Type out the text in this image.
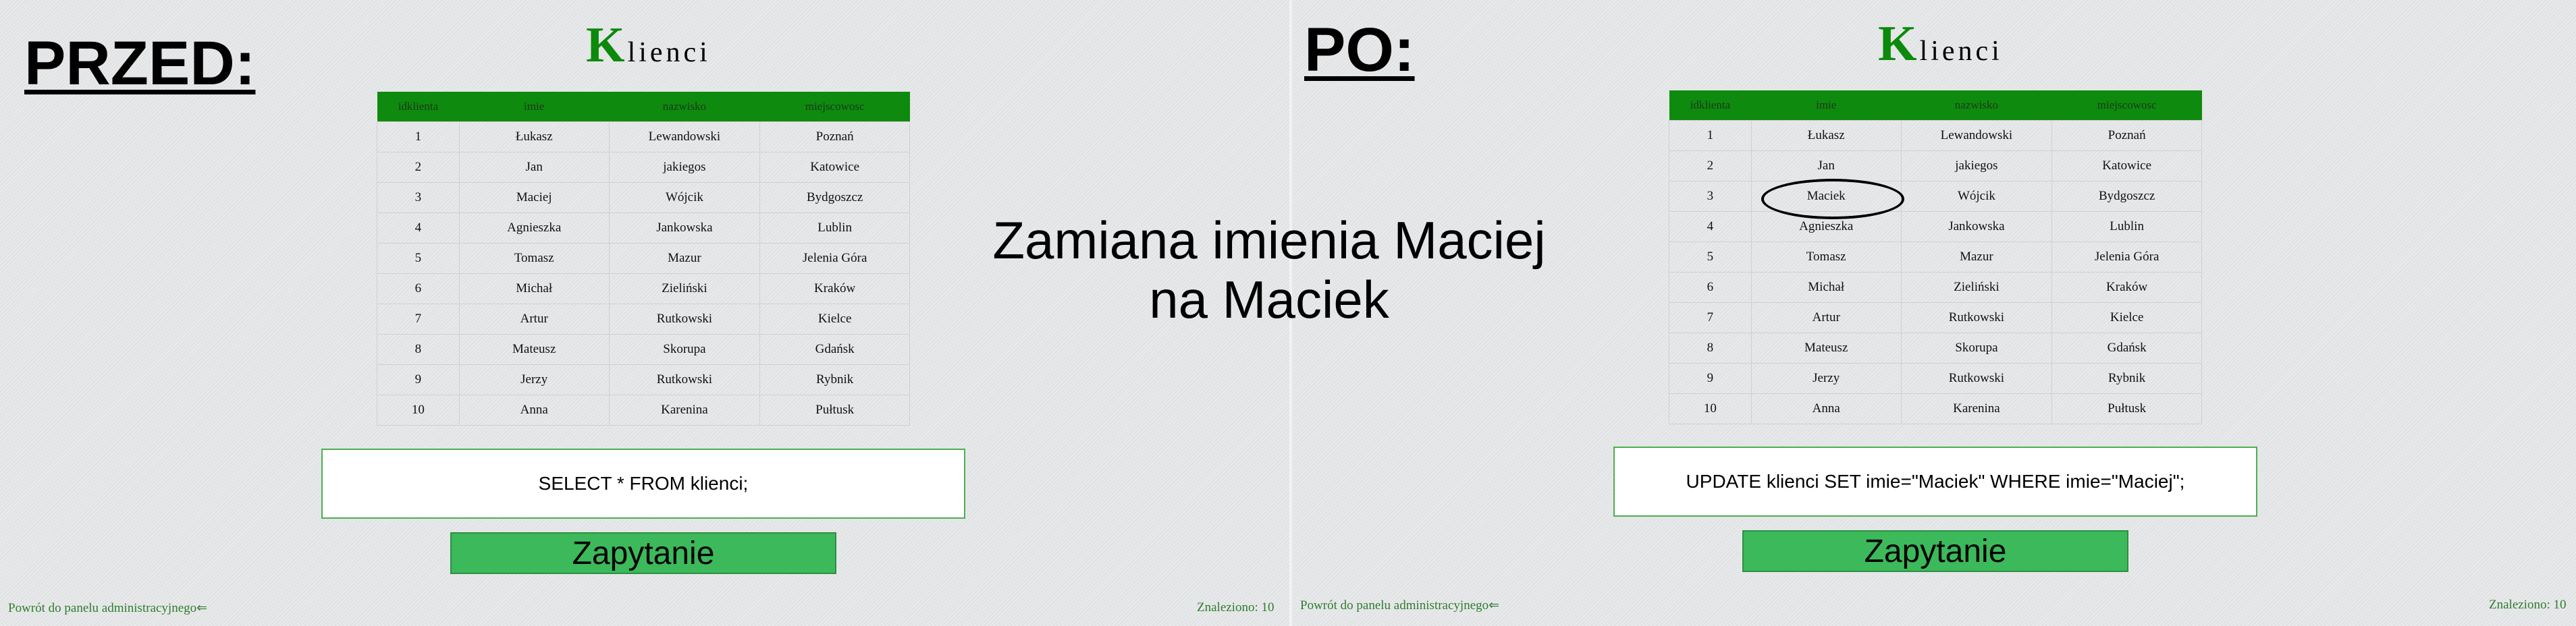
PRZED:	Klienci
idklienta	imie	nazwisko	miejscowosc
1	Łukasz	Lewandowski	Poznań
2	Jan	jakiegos	Katowice
3	Maciej	Wójcik	Bydgoszcz
4	Agnieszka	Jankowska	Lublin
5	Tomasz	Mazur	Jelenia Góra
6	Michał	Zieliński	Kraków
7	Artur	Rutkowski	Kielce
8	Mateusz	Skorupa	Gdańsk
9	Jerzy	Rutkowski	Rybnik
10	Anna	Karenina	Pułtusk
SELECT * FROM klienci;
Zapytanie
Powrót do panelu administracyjnego⇐	Znaleziono: 10
PO:	Klienci
idklienta	imie	nazwisko	miejscowosc
1	Łukasz	Lewandowski	Poznań
2	Jan	jakiegos	Katowice
3	Maciek	Wójcik	Bydgoszcz
4	Agnieszka	Jankowska	Lublin
5	Tomasz	Mazur	Jelenia Góra
6	Michał	Zieliński	Kraków
7	Artur	Rutkowski	Kielce
8	Mateusz	Skorupa	Gdańsk
9	Jerzy	Rutkowski	Rybnik
10	Anna	Karenina	Pułtusk
UPDATE klienci SET imie="Maciek" WHERE imie="Maciej";
Zapytanie
Powrót do panelu administracyjnego⇐	Znaleziono: 10
Zamiana imienia Maciej
na Maciek
